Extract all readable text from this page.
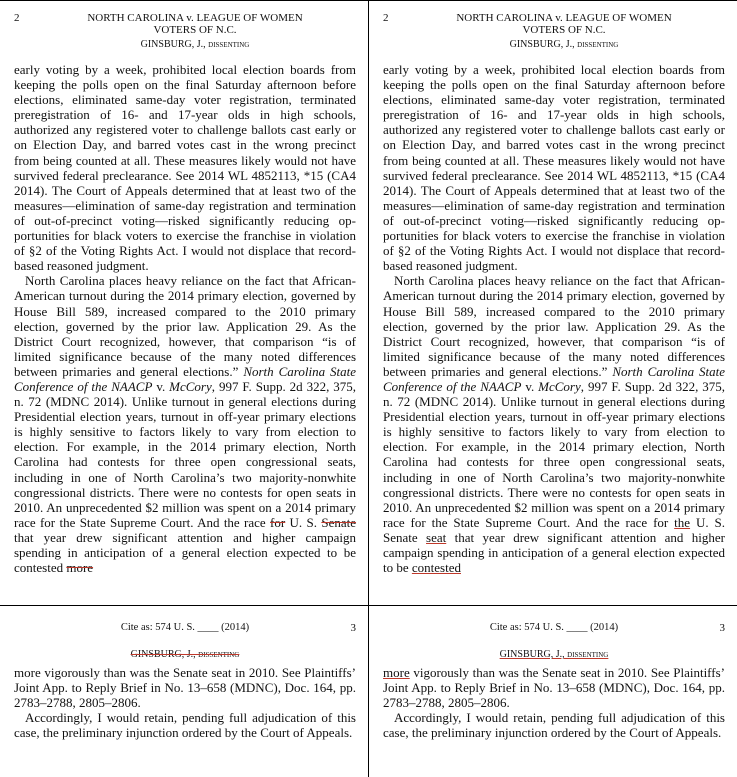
2	NORTH CAROLINA v. LEAGUE OF WOMEN
VOTERS OF N.C.
GINSBURG, J., dissenting

early voting by a week, prohibited local election boards from keeping the polls open on the final Saturday afternoon before elections, eliminated same-day voter registration, terminated preregistration of 16- and 17-year olds in high schools, authorized any registered voter to challenge ballots cast early or on Election Day, and barred votes cast in the wrong precinct from being counted at all. These measures likely would not have survived federal preclearance. See 2014 WL 4852113, *15 (CA4 2014). The Court of Appeals determined that at least two of the measures—elimination of same-day registration and termination of out-of-precinct voting—risked significantly reducing opportunities for black voters to exercise the franchise in violation of §2 of the Voting Rights Act. I would not displace that record-based reasoned judgment.

North Carolina places heavy reliance on the fact that African-American turnout during the 2014 primary election, governed by House Bill 589, increased compared to the 2010 primary election, governed by the prior law. Application 29. As the District Court recognized, however, that comparison “is of limited significance because of the many noted differences between primaries and general elections.” North Carolina State Conference of the NAACP v. McCory, 997 F. Supp. 2d 322, 375, n. 72 (MDNC 2014). Unlike turnout in general elections during Presidential election years, turnout in off-year primary elections is highly sensitive to factors likely to vary from election to election. For example, in the 2014 primary election, North Carolina had contests for three open congressional seats, including in one of North Carolina’s two majority-nonwhite congressional districts. There were no contests for open seats in 2010. An unprecedented $2 million was spent on a 2014 primary race for the State Supreme Court. And the race for U. S. Senate that year drew significant attention and higher campaign spending in anticipation of a general election expected to be contested more

Cite as: 574 U. S. ____ (2014)	3
GINSBURG, J., dissenting

more vigorously than was the Senate seat in 2010. See Plaintiffs’ Joint App. to Reply Brief in No. 13–658 (MDNC), Doc. 164, pp. 2783–2788, 2805–2806.

Accordingly, I would retain, pending full adjudication of this case, the preliminary injunction ordered by the Court of Appeals.

2	NORTH CAROLINA v. LEAGUE OF WOMEN
VOTERS OF N.C.
GINSBURG, J., dissenting

early voting by a week, prohibited local election boards from keeping the polls open on the final Saturday afternoon before elections, eliminated same-day voter registration, terminated preregistration of 16- and 17-year olds in high schools, authorized any registered voter to challenge ballots cast early or on Election Day, and barred votes cast in the wrong precinct from being counted at all. These measures likely would not have survived federal preclearance. See 2014 WL 4852113, *15 (CA4 2014). The Court of Appeals determined that at least two of the measures—elimination of same-day registration and termination of out-of-precinct voting—risked significantly reducing opportunities for black voters to exercise the franchise in violation of §2 of the Voting Rights Act. I would not displace that record-based reasoned judgment.

North Carolina places heavy reliance on the fact that African-American turnout during the 2014 primary election, governed by House Bill 589, increased compared to the 2010 primary election, governed by the prior law. Application 29. As the District Court recognized, however, that comparison “is of limited significance because of the many noted differences between primaries and general elections.” North Carolina State Conference of the NAACP v. McCory, 997 F. Supp. 2d 322, 375, n. 72 (MDNC 2014). Unlike turnout in general elections during Presidential election years, turnout in off-year primary elections is highly sensitive to factors likely to vary from election to election. For example, in the 2014 primary election, North Carolina had contests for three open congressional seats, including in one of North Carolina’s two majority-nonwhite congressional districts. There were no contests for open seats in 2010. An unprecedented $2 million was spent on a 2014 primary race for the State Supreme Court. And the race for the U. S. Senate seat that year drew significant attention and higher campaign spending in anticipation of a general election expected to be contested

Cite as: 574 U. S. ____ (2014)	3
GINSBURG, J., dissenting

more vigorously than was the Senate seat in 2010. See Plaintiffs’ Joint App. to Reply Brief in No. 13–658 (MDNC), Doc. 164, pp. 2783–2788, 2805–2806.

Accordingly, I would retain, pending full adjudication of this case, the preliminary injunction ordered by the Court of Appeals.
